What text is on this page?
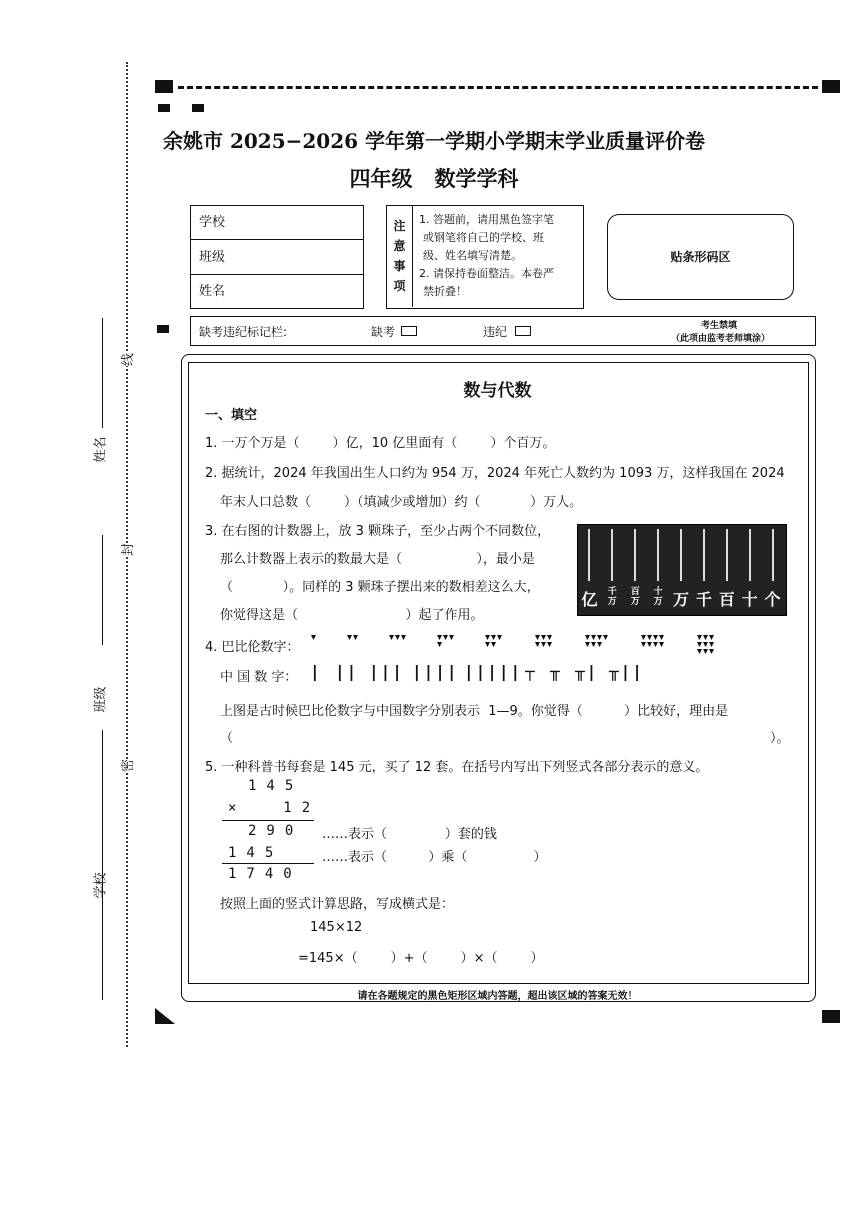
姓名
班级
学校
线
封
密
余姚市 2025−2026 学年第一学期小学期末学业质量评价卷
四年级   数学学科
学校
班级
姓名
注
意
事
项
1. 答题前，请用黑色签字笔
或钢笔将自己的学校、班
级、姓名填写清楚。
2. 请保持卷面整洁。本卷严
禁折叠！
贴条形码区
缺考违纪标记栏:	缺考	违纪	考生禁填
（此项由监考老师填涂）
数与代数
一、填空
1. 一万个万是（        ）亿，10 亿里面有（        ）个百万。
2. 据统计，2024 年我国出生人口约为 954 万，2024 年死亡人数约为 1093 万，这样我国在 2024
年末人口总数（        ）（填减少或增加）约（            ）万人。
3. 在右图的计数器上，放 3 颗珠子，至少占两个不同数位，
那么计数器上表示的数最大是（                  ），最小是
（            ）。同样的 3 颗珠子摆出来的数相差这么大，
你觉得这是（                          ）起了作用。
亿	千
万
百
万
十
万 万 千 百 十 个
4. 巴比伦数字：
中 国 数 字： | || ||| |||| ||||| ┬ ╥ ╥| ╥||
上图是古时候巴比伦数字与中国数字分别表示  1—9。你觉得（          ）比较好，理由是
（	）。
5. 一种科普书每套是 145 元，买了 12 套。在括号内写出下列竖式各部分表示的意义。
145
×  12
290 ……表示（              ）套的钱
145	……表示（          ）乘（                ）
1740
按照上面的竖式计算思路，写成横式是：
145×12
=145×（        ）+（        ）×（        ）
请在各题规定的黑色矩形区域内答题，超出该区域的答案无效！
